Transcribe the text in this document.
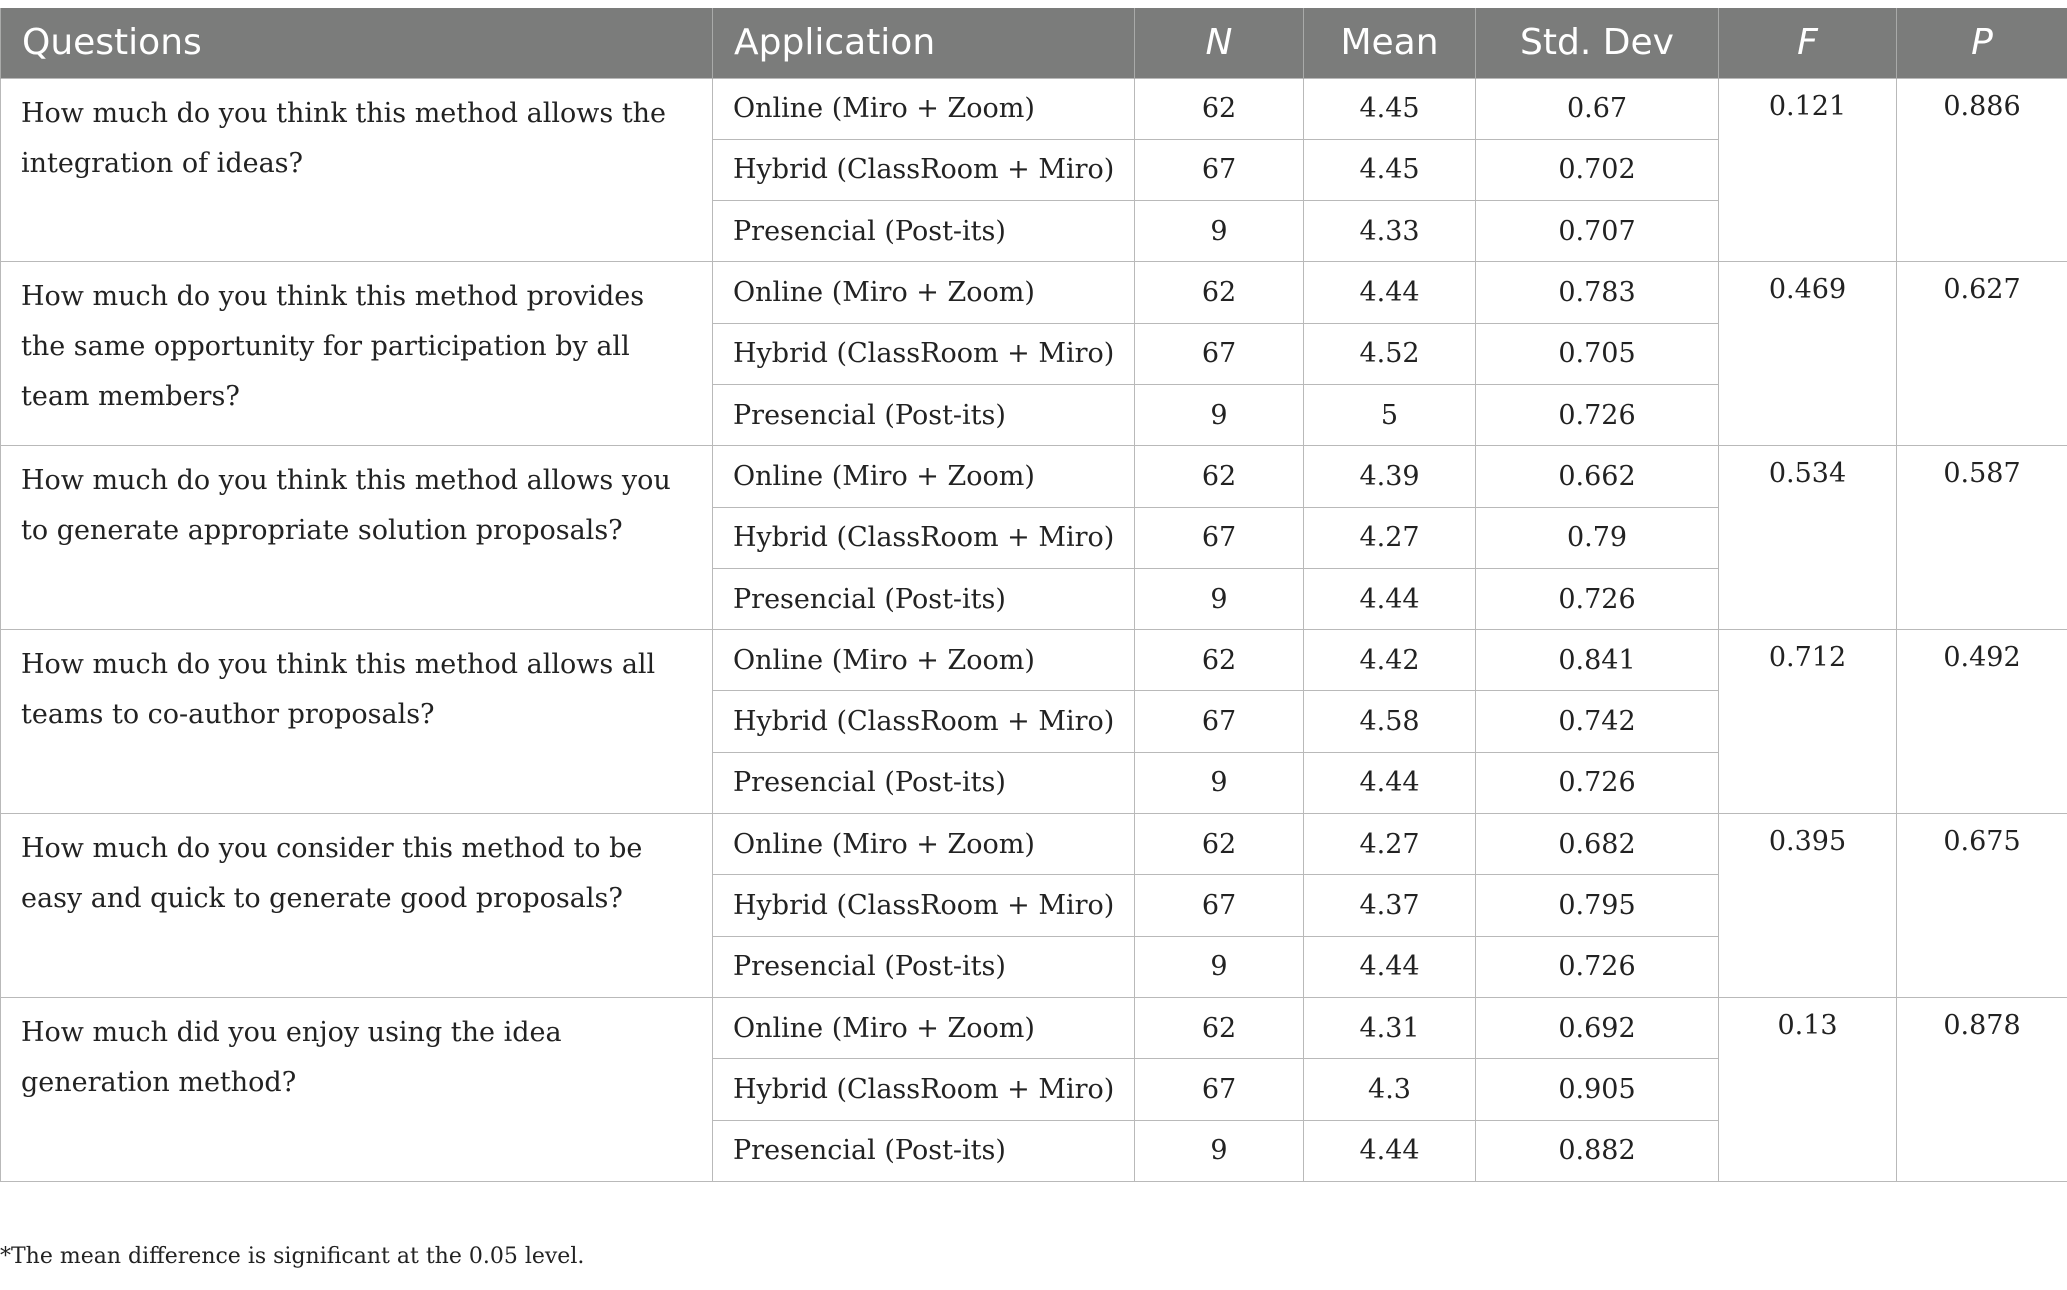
Questions	Application	N	Mean	Std. Dev	F	P
How much do you think this method allows the integration of ideas?	Online (Miro + Zoom)	62	4.45	0.67	0.121	0.886
	Hybrid (ClassRoom + Miro)	67	4.45	0.702		
	Presencial (Post-its)	9	4.33	0.707		
How much do you think this method provides the same opportunity for participation by all team members?	Online (Miro + Zoom)	62	4.44	0.783	0.469	0.627
	Hybrid (ClassRoom + Miro)	67	4.52	0.705		
	Presencial (Post-its)	9	5	0.726		
How much do you think this method allows you to generate appropriate solution proposals?	Online (Miro + Zoom)	62	4.39	0.662	0.534	0.587
	Hybrid (ClassRoom + Miro)	67	4.27	0.79		
	Presencial (Post-its)	9	4.44	0.726		
How much do you think this method allows all teams to co-author proposals?	Online (Miro + Zoom)	62	4.42	0.841	0.712	0.492
	Hybrid (ClassRoom + Miro)	67	4.58	0.742		
	Presencial (Post-its)	9	4.44	0.726		
How much do you consider this method to be easy and quick to generate good proposals?	Online (Miro + Zoom)	62	4.27	0.682	0.395	0.675
	Hybrid (ClassRoom + Miro)	67	4.37	0.795		
	Presencial (Post-its)	9	4.44	0.726		
How much did you enjoy using the idea generation method?	Online (Miro + Zoom)	62	4.31	0.692	0.13	0.878
	Hybrid (ClassRoom + Miro)	67	4.3	0.905		
	Presencial (Post-its)	9	4.44	0.882		
*The mean difference is significant at the 0.05 level.
